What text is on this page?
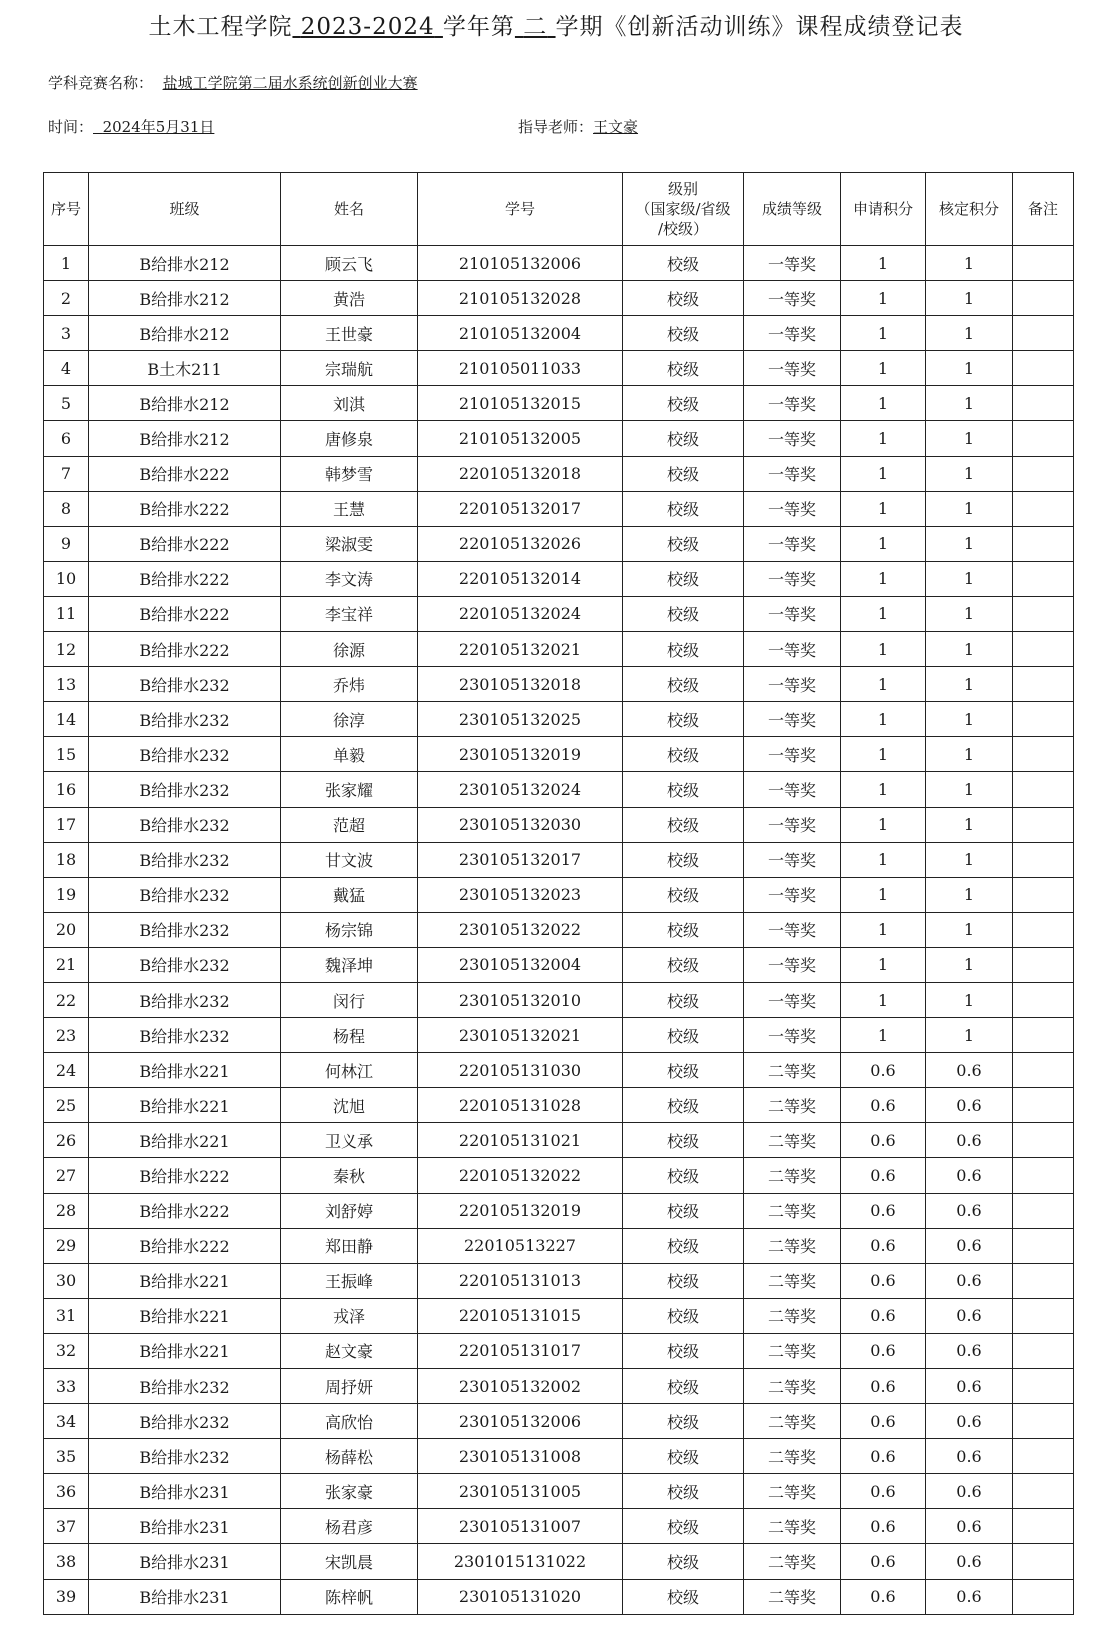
土木工程学院 2023-2024 学年第 二 学期《创新活动训练》课程成绩登记表
学科竞赛名称： 盐城工学院第二届水系统创新创业大赛
时间： 2024年5月31日	指导老师：王文豪
序号	班级	姓名	学号	级别
（国家级/省级
/校级）	成绩等级	申请积分	核定积分	备注
1	B给排水212	顾云飞	210105132006	校级	一等奖	1	1	
2	B给排水212	黄浩	210105132028	校级	一等奖	1	1	
3	B给排水212	王世豪	210105132004	校级	一等奖	1	1	
4	B土木211	宗瑞航	210105011033	校级	一等奖	1	1	
5	B给排水212	刘淇	210105132015	校级	一等奖	1	1	
6	B给排水212	唐修泉	210105132005	校级	一等奖	1	1	
7	B给排水222	韩梦雪	220105132018	校级	一等奖	1	1	
8	B给排水222	王慧	220105132017	校级	一等奖	1	1	
9	B给排水222	梁淑雯	220105132026	校级	一等奖	1	1	
10	B给排水222	李文涛	220105132014	校级	一等奖	1	1	
11	B给排水222	李宝祥	220105132024	校级	一等奖	1	1	
12	B给排水222	徐源	220105132021	校级	一等奖	1	1	
13	B给排水232	乔炜	230105132018	校级	一等奖	1	1	
14	B给排水232	徐淳	230105132025	校级	一等奖	1	1	
15	B给排水232	单毅	230105132019	校级	一等奖	1	1	
16	B给排水232	张家耀	230105132024	校级	一等奖	1	1	
17	B给排水232	范超	230105132030	校级	一等奖	1	1	
18	B给排水232	甘文波	230105132017	校级	一等奖	1	1	
19	B给排水232	戴猛	230105132023	校级	一等奖	1	1	
20	B给排水232	杨宗锦	230105132022	校级	一等奖	1	1	
21	B给排水232	魏泽坤	230105132004	校级	一等奖	1	1	
22	B给排水232	闵行	230105132010	校级	一等奖	1	1	
23	B给排水232	杨程	230105132021	校级	一等奖	1	1	
24	B给排水221	何林江	220105131030	校级	二等奖	0.6	0.6	
25	B给排水221	沈旭	220105131028	校级	二等奖	0.6	0.6	
26	B给排水221	卫义承	220105131021	校级	二等奖	0.6	0.6	
27	B给排水222	秦秋	220105132022	校级	二等奖	0.6	0.6	
28	B给排水222	刘舒婷	220105132019	校级	二等奖	0.6	0.6	
29	B给排水222	郑田静	22010513227	校级	二等奖	0.6	0.6	
30	B给排水221	王振峰	220105131013	校级	二等奖	0.6	0.6	
31	B给排水221	戎泽	220105131015	校级	二等奖	0.6	0.6	
32	B给排水221	赵文豪	220105131017	校级	二等奖	0.6	0.6	
33	B给排水232	周抒妍	230105132002	校级	二等奖	0.6	0.6	
34	B给排水232	高欣怡	230105132006	校级	二等奖	0.6	0.6	
35	B给排水232	杨薛松	230105131008	校级	二等奖	0.6	0.6	
36	B给排水231	张家豪	230105131005	校级	二等奖	0.6	0.6	
37	B给排水231	杨君彦	230105131007	校级	二等奖	0.6	0.6	
38	B给排水231	宋凯晨	2301015131022	校级	二等奖	0.6	0.6	
39	B给排水231	陈梓帆	230105131020	校级	二等奖	0.6	0.6	
